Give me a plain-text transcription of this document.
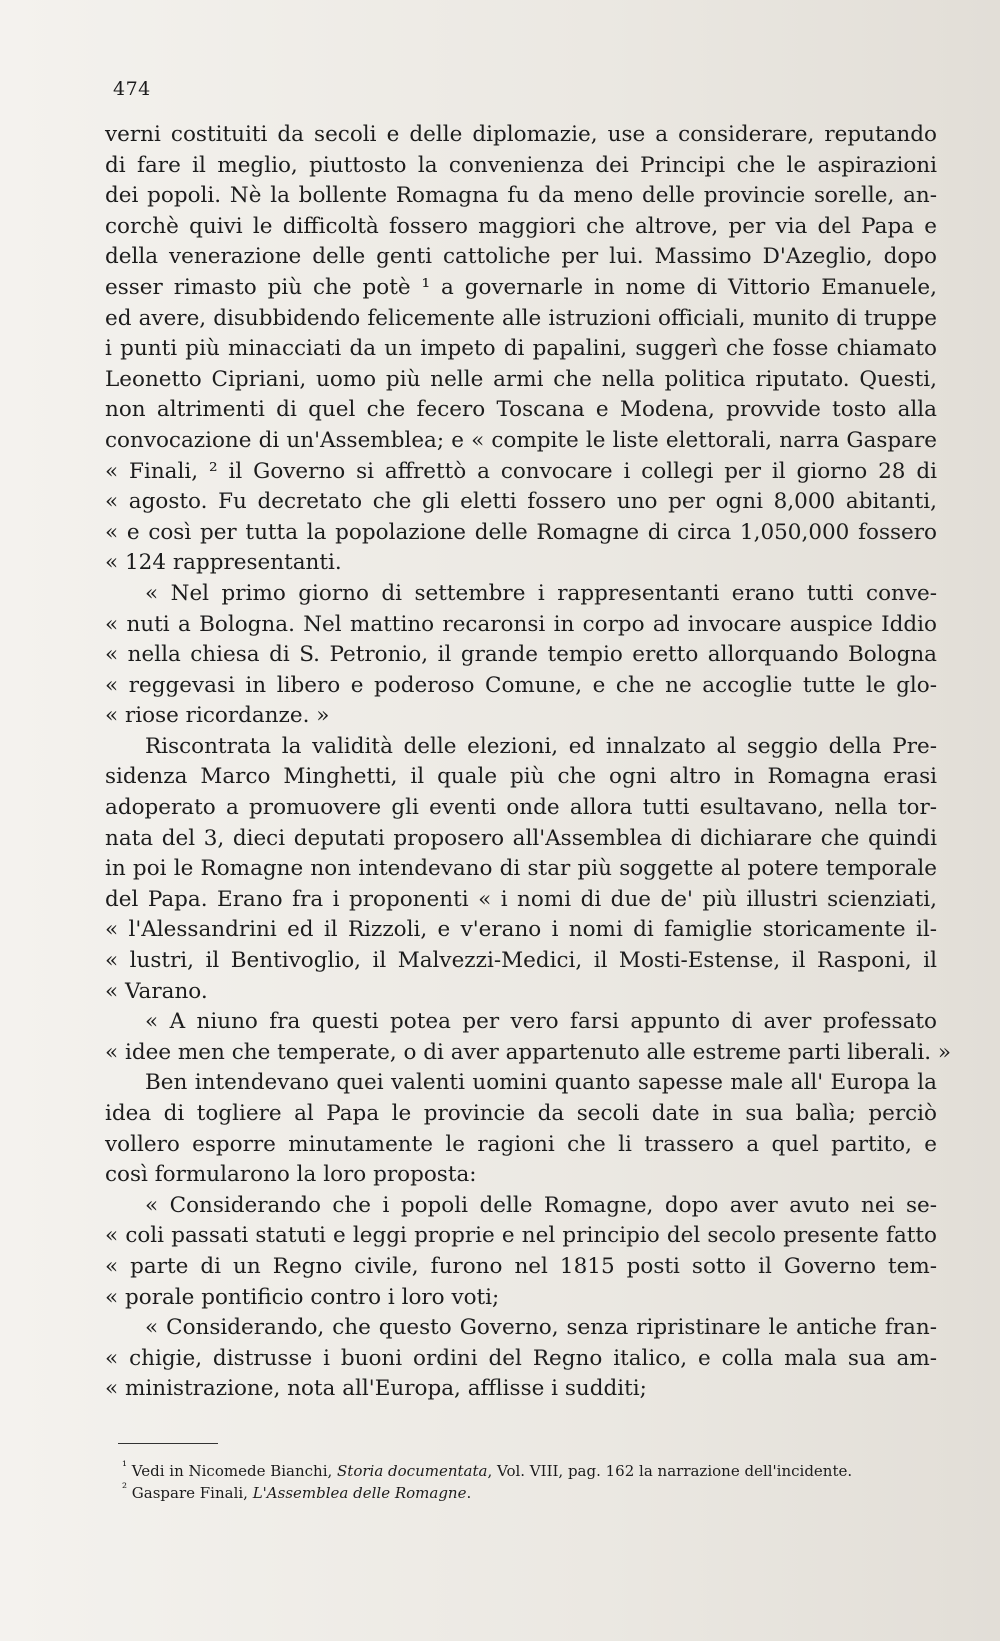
474
verni costituiti da secoli e delle diplomazie, use a considerare, reputando
di fare il meglio, piuttosto la convenienza dei Principi che le aspirazioni
dei popoli. Nè la bollente Romagna fu da meno delle provincie sorelle, an-
corchè quivi le difficoltà fossero maggiori che altrove, per via del Papa e
della venerazione delle genti cattoliche per lui. Massimo D'Azeglio, dopo
esser rimasto più che potè ¹ a governarle in nome di Vittorio Emanuele,
ed avere, disubbidendo felicemente alle istruzioni officiali, munito di truppe
i punti più minacciati da un impeto di papalini, suggerì che fosse chiamato
Leonetto Cipriani, uomo più nelle armi che nella politica riputato. Questi,
non altrimenti di quel che fecero Toscana e Modena, provvide tosto alla
convocazione di un'Assemblea; e « compite le liste elettorali, narra Gaspare
« Finali, ² il Governo si affrettò a convocare i collegi per il giorno 28 di
« agosto. Fu decretato che gli eletti fossero uno per ogni 8,000 abitanti,
« e così per tutta la popolazione delle Romagne di circa 1,050,000 fossero
« 124 rappresentanti.
« Nel primo giorno di settembre i rappresentanti erano tutti conve-
« nuti a Bologna. Nel mattino recaronsi in corpo ad invocare auspice Iddio
« nella chiesa di S. Petronio, il grande tempio eretto allorquando Bologna
« reggevasi in libero e poderoso Comune, e che ne accoglie tutte le glo-
« riose ricordanze. »
Riscontrata la validità delle elezioni, ed innalzato al seggio della Pre-
sidenza Marco Minghetti, il quale più che ogni altro in Romagna erasi
adoperato a promuovere gli eventi onde allora tutti esultavano, nella tor-
nata del 3, dieci deputati proposero all'Assemblea di dichiarare che quindi
in poi le Romagne non intendevano di star più soggette al potere temporale
del Papa. Erano fra i proponenti « i nomi di due de' più illustri scienziati,
« l'Alessandrini ed il Rizzoli, e v'erano i nomi di famiglie storicamente il-
« lustri, il Bentivoglio, il Malvezzi-Medici, il Mosti-Estense, il Rasponi, il
« Varano.
« A niuno fra questi potea per vero farsi appunto di aver professato
« idee men che temperate, o di aver appartenuto alle estreme parti liberali. »
Ben intendevano quei valenti uomini quanto sapesse male all' Europa la
idea di togliere al Papa le provincie da secoli date in sua balìa; perciò
vollero esporre minutamente le ragioni che li trassero a quel partito, e
così formularono la loro proposta:
« Considerando che i popoli delle Romagne, dopo aver avuto nei se-
« coli passati statuti e leggi proprie e nel principio del secolo presente fatto
« parte di un Regno civile, furono nel 1815 posti sotto il Governo tem-
« porale pontificio contro i loro voti;
« Considerando, che questo Governo, senza ripristinare le antiche fran-
« chigie, distrusse i buoni ordini del Regno italico, e colla mala sua am-
« ministrazione, nota all'Europa, afflisse i sudditi;
$^{^1}$ Vedi in Nicomede Bianchi, Storia documentata, Vol. VIII, pag. 162 la narrazione dell'incidente.
$^{^2}$ Gaspare Finali, L'Assemblea delle Romagne.
